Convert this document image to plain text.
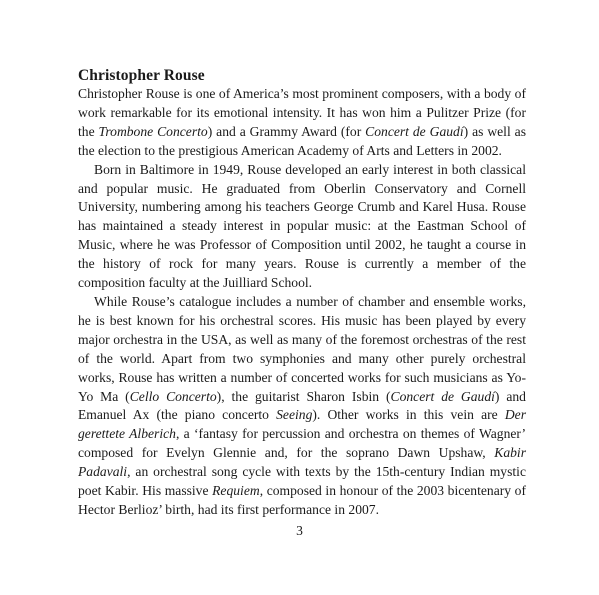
Christopher Rouse

Christopher Rouse is one of America’s most prominent composers, with a body of work remarkable for its emotional intensity. It has won him a Pulitzer Prize (for the Trombone Concerto) and a Grammy Award (for Concert de Gaudí) as well as the election to the prestigious American Academy of Arts and Letters in 2002.

Born in Baltimore in 1949, Rouse developed an early interest in both classical and popular music. He graduated from Oberlin Conservatory and Cornell University, numbering among his teachers George Crumb and Karel Husa. Rouse has maintained a steady interest in popular music: at the Eastman School of Music, where he was Professor of Composition until 2002, he taught a course in the history of rock for many years. Rouse is currently a member of the composition faculty at the Juilliard School.

While Rouse’s catalogue includes a number of chamber and ensemble works, he is best known for his orchestral scores. His music has been played by every major orchestra in the USA, as well as many of the foremost orchestras of the rest of the world. Apart from two symphonies and many other purely orchestral works, Rouse has written a number of concerted works for such musicians as Yo-Yo Ma (Cello Concerto), the guitarist Sharon Isbin (Concert de Gaudí) and Emanuel Ax (the piano concerto Seeing). Other works in this vein are Der gerettete Alberich, a ‘fantasy for percussion and orchestra on themes of Wagner’ composed for Evelyn Glennie and, for the soprano Dawn Upshaw, Kabir Padavali, an orchestral song cycle with texts by the 15th-century Indian mystic poet Kabir. His massive Requiem, composed in honour of the 2003 bicentenary of Hector Berlioz’ birth, had its first performance in 2007.

3
